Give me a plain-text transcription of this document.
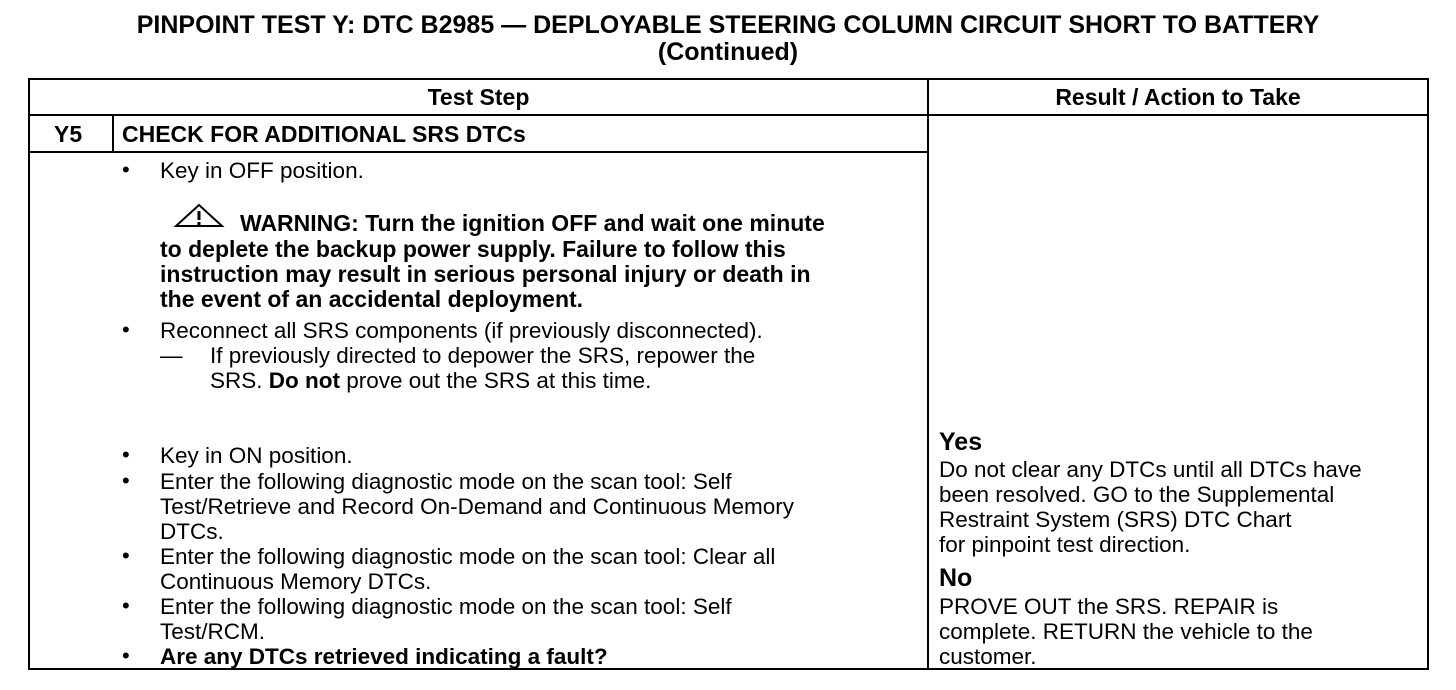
PINPOINT TEST Y: DTC B2985 — DEPLOYABLE STEERING COLUMN CIRCUIT SHORT TO BATTERY
(Continued)
Test Step	Result / Action to Take
Y5 CHECK FOR ADDITIONAL SRS DTCs
• Key in OFF position.
WARNING: Turn the ignition OFF and wait one minute
to deplete the backup power supply. Failure to follow this
instruction may result in serious personal injury or death in
the event of an accidental deployment.
• Reconnect all SRS components (if previously disconnected).
— If previously directed to depower the SRS, repower the
SRS. Do not prove out the SRS at this time.
• Key in ON position.
• Enter the following diagnostic mode on the scan tool: Self
Test/Retrieve and Record On-Demand and Continuous Memory
DTCs.
• Enter the following diagnostic mode on the scan tool: Clear all
Continuous Memory DTCs.
• Enter the following diagnostic mode on the scan tool: Self
Test/RCM.
• Are any DTCs retrieved indicating a fault?
Yes
Do not clear any DTCs until all DTCs have
been resolved. GO to the Supplemental
Restraint System (SRS) DTC Chart
for pinpoint test direction.
No
PROVE OUT the SRS. REPAIR is
complete. RETURN the vehicle to the
customer.
